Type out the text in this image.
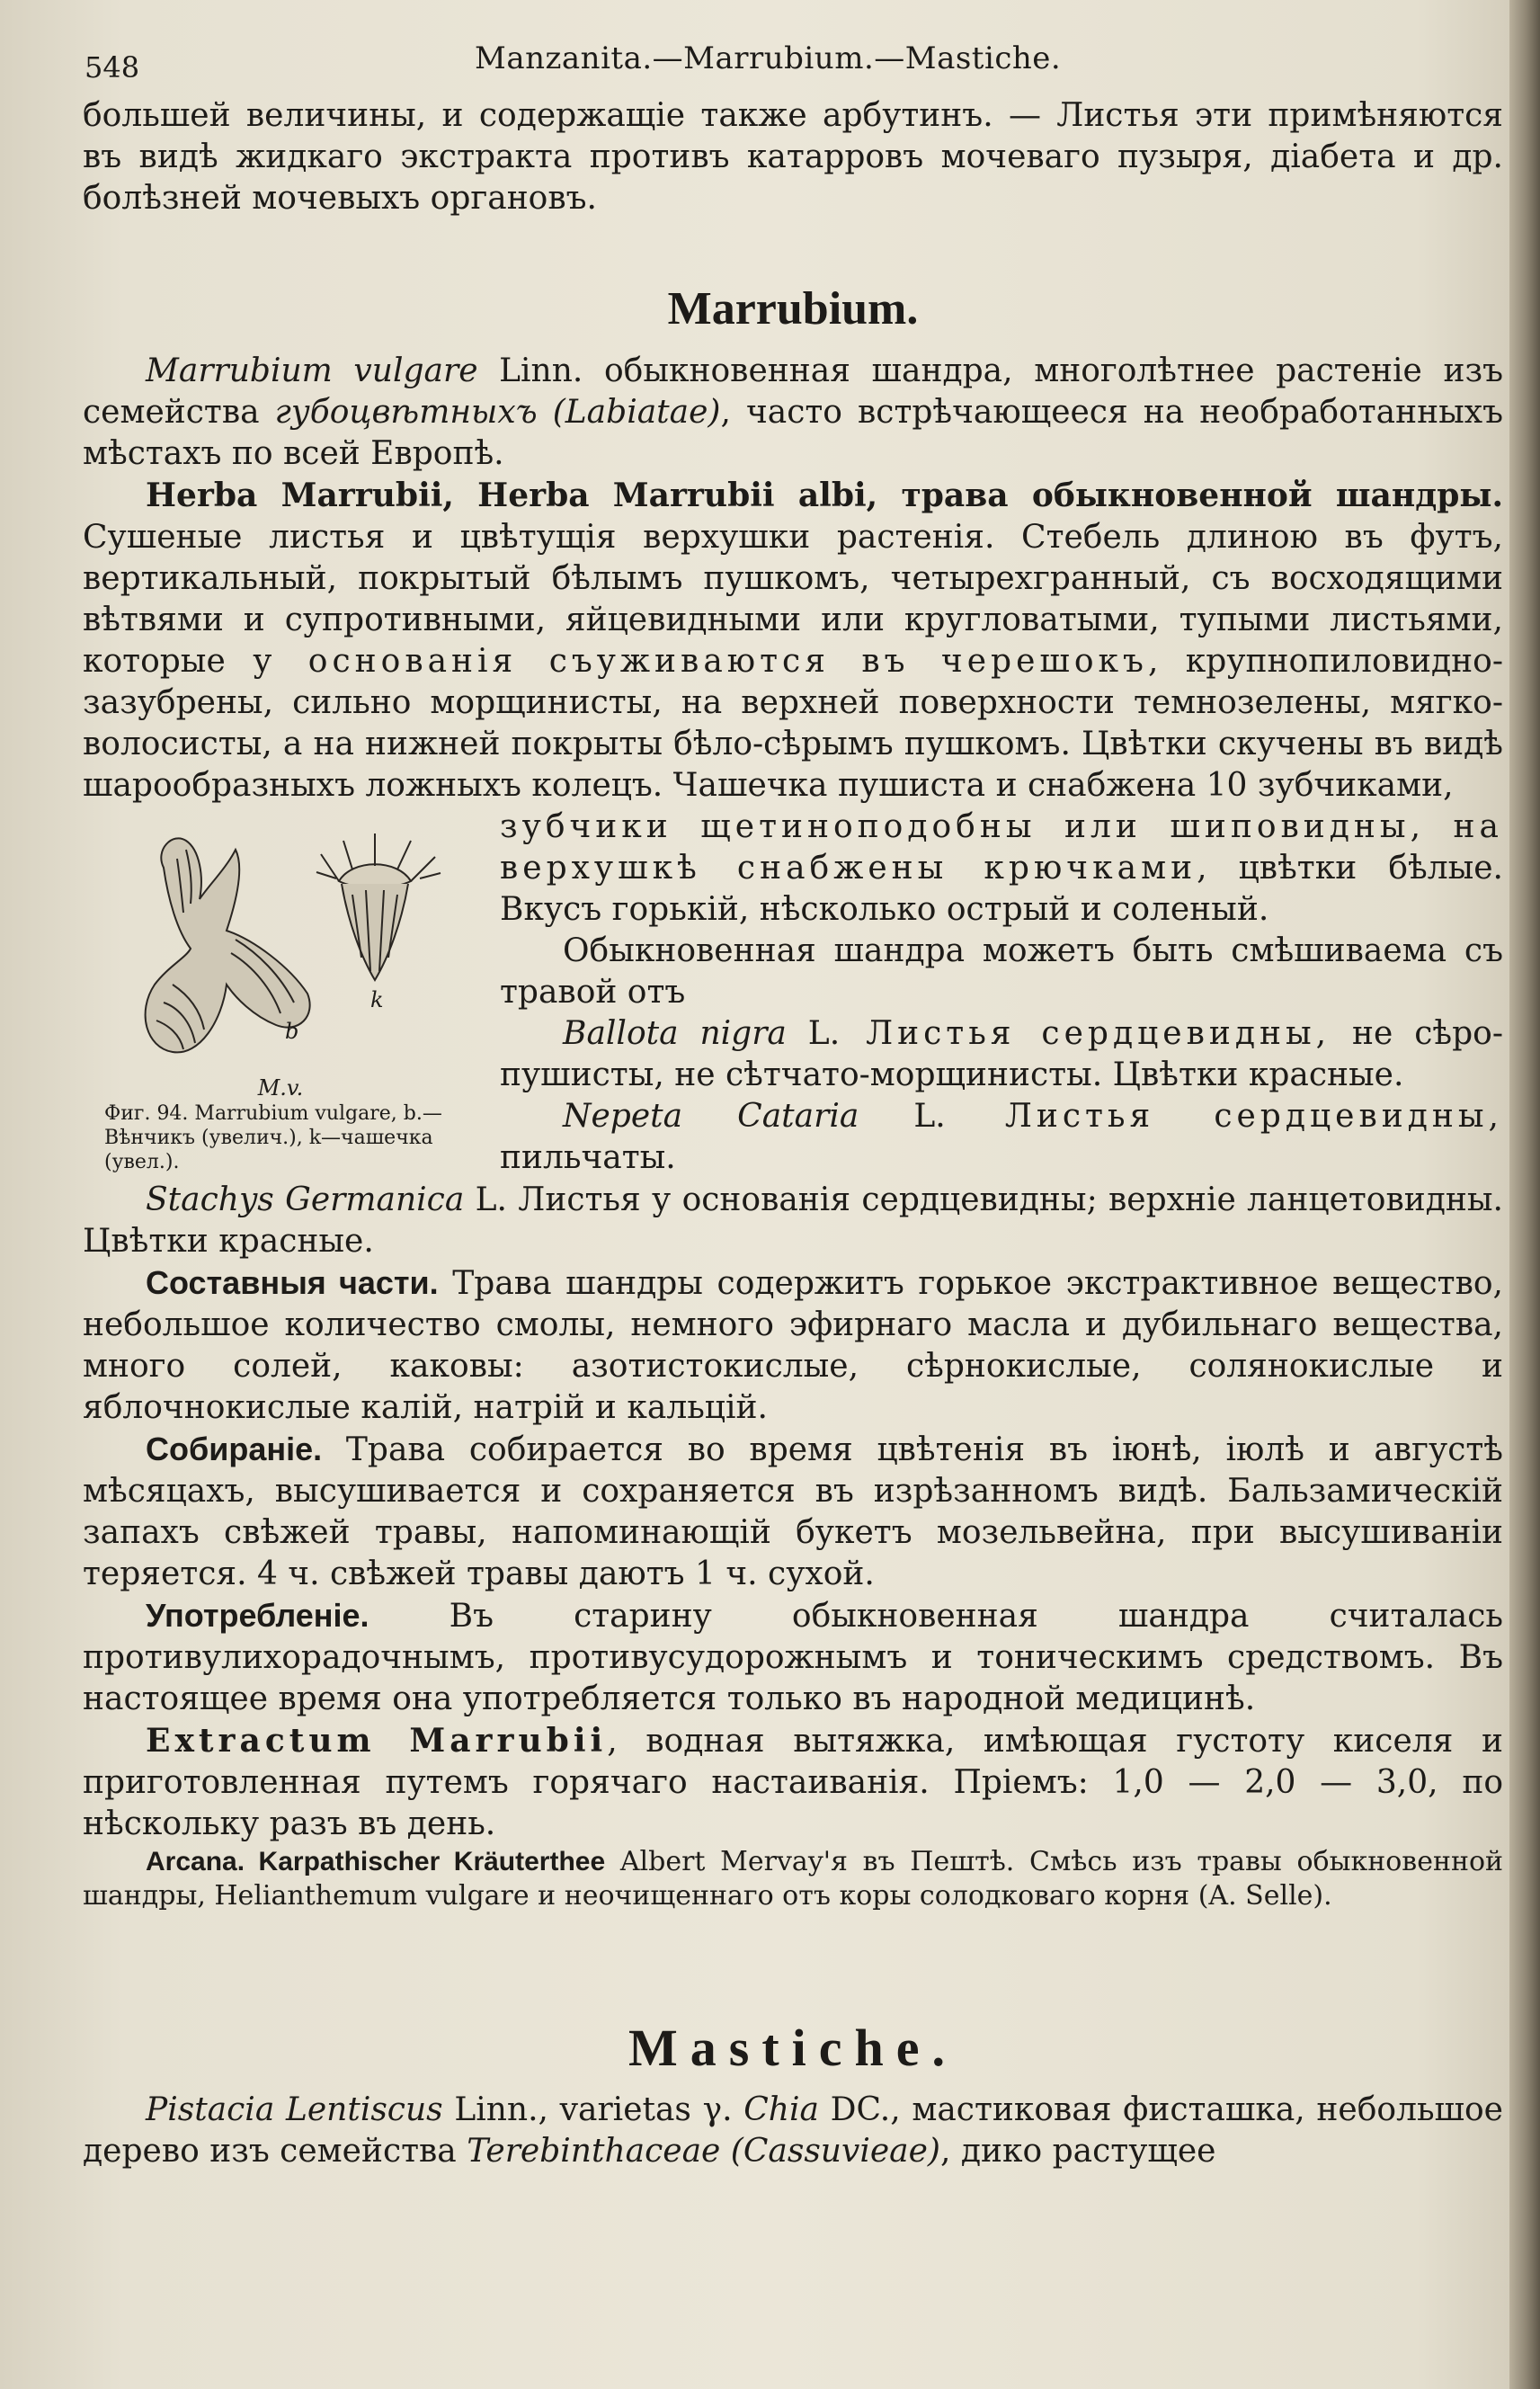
548	Manzanita.—Marrubium.—Mastiche.

большей величины, и содержащіе также арбутинъ. — Листья эти примѣняются въ видѣ жидкаго экстракта противъ катарровъ мочеваго пузыря, діабета и др. болѣзней мочевыхъ органовъ.

Marrubium.

Marrubium vulgare Linn. обыкновенная шандра, многолѣтнее растеніе изъ семейства губоцвѣтныхъ (Labiatae), часто встрѣчающееся на необработанныхъ мѣстахъ по всей Европѣ.

Herba Marrubii, Herba Marrubii albi, трава обыкновенной шандры. Сушеные листья и цвѣтущія верхушки растенія. Стебель длиною въ футъ, вертикальный, покрытый бѣлымъ пушкомъ, четырехгранный, съ восходящими вѣтвями и супротивными, яйцевидными или кругловатыми, тупыми листьями, которые у основанія съуживаются въ черешокъ, крупнопиловидно-зазубрены, сильно морщинисты, на верхней поверхности темнозелены, мягко-волосисты, а на нижней покрыты бѣло-сѣрымъ пушкомъ. Цвѣтки скучены въ видѣ шарообразныхъ ложныхъ колецъ. Чашечка пушиста и снабжена 10 зубчиками,

k
b
M.v.
Фиг. 94. Marrubium vulgare, b.—Вѣнчикъ (увелич.), k—чашечка (увел.).

зубчики щетиноподобны или шиповидны, на верхушкѣ снабжены крючками, цвѣтки бѣлые. Вкусъ горькій, нѣсколько острый и соленый.

Обыкновенная шандра можетъ быть смѣшиваема съ травой отъ

Ballota nigra L. Листья сердцевидны, не сѣро-пушисты, не сѣтчато-морщинисты. Цвѣтки красные.

Nepeta Cataria L. Листья сердцевидны, пильчаты.

Stachys Germanica L. Листья у основанія сердцевидны; верхніе ланцетовидны. Цвѣтки красные.

Составныя части. Трава шандры содержитъ горькое экстрактивное вещество, небольшое количество смолы, немного эфирнаго масла и дубильнаго вещества, много солей, каковы: азотистокислые, сѣрнокислые, солянокислые и яблочнокислые калій, натрій и кальцій.

Собираніе. Трава собирается во время цвѣтенія въ іюнѣ, іюлѣ и августѣ мѣсяцахъ, высушивается и сохраняется въ изрѣзанномъ видѣ. Бальзамическій запахъ свѣжей травы, напоминающій букетъ мозельвейна, при высушиваніи теряется. 4 ч. свѣжей травы даютъ 1 ч. сухой.

Употребленіе. Въ старину обыкновенная шандра считалась противулихорадочнымъ, противусудорожнымъ и тоническимъ средствомъ. Въ настоящее время она употребляется только въ народной медицинѣ.

Extractum Marrubii, водная вытяжка, имѣющая густоту киселя и приготовленная путемъ горячаго настаиванія. Пріемъ: 1,0 — 2,0 — 3,0, по нѣскольку разъ въ день.

Arcana. Karpathischer Kräuterthee Albert Mervay'я въ Пештѣ. Смѣсь изъ травы обыкновенной шандры, Helianthemum vulgare и неочищеннаго отъ коры солодковаго корня (A. Selle).

Mastiche.

Pistacia Lentiscus Linn., varietas γ. Chia DC., мастиковая фисташка, небольшое дерево изъ семейства Terebinthaceae (Cassuvieae), дико растущее
